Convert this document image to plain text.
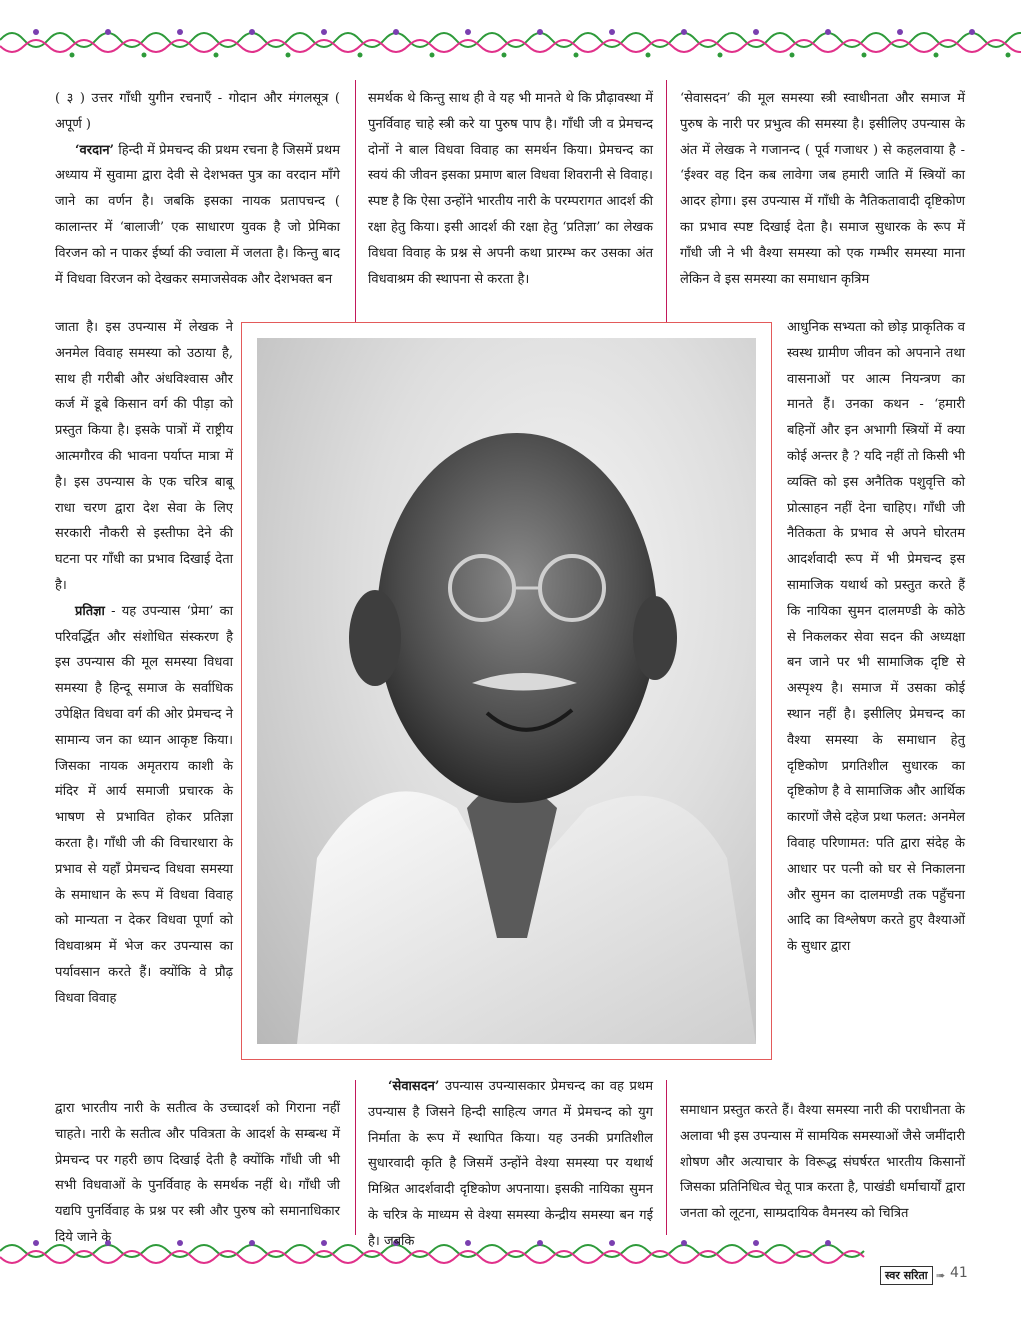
( ३ ) उत्तर गाँधी युगीन रचनाएँ - गोदान और मंगलसूत्र ( अपूर्ण )

‘वरदान’ हिन्दी में प्रेमचन्द की प्रथम रचना है जिसमें प्रथम अध्याय में सुवामा द्वारा देवी से देशभक्त पुत्र का वरदान माँगे जाने का वर्णन है। जबकि इसका नायक प्रतापचन्द ( कालान्तर में ‘बालाजी’ एक साधारण युवक है जो प्रेमिका विरजन को न पाकर ईर्ष्या की ज्वाला में जलता है। किन्तु बाद में विधवा विरजन को देखकर समाजसेवक और देशभक्त बन

जाता है। इस उपन्यास में लेखक ने अनमेल विवाह समस्या को उठाया है, साथ ही गरीबी और अंधविश्वास और कर्ज में डूबे किसान वर्ग की पीड़ा को प्रस्तुत किया है। इसके पात्रों में राष्ट्रीय आत्मगौरव की भावना पर्याप्त मात्रा में है। इस उपन्यास के एक चरित्र बाबू राधा चरण द्वारा देश सेवा के लिए सरकारी नौकरी से इस्तीफा देने की घटना पर गाँधी का प्रभाव दिखाई देता है।

प्रतिज्ञा - यह उपन्यास ‘प्रेमा’ का परिवर्द्धित और संशोधित संस्करण है इस उपन्यास की मूल समस्या विधवा समस्या है हिन्दू समाज के सर्वाधिक उपेक्षित विधवा वर्ग की ओर प्रेमचन्द ने सामान्य जन का ध्यान आकृष्ट किया। जिसका नायक अमृतराय काशी के मंदिर में आर्य समाजी प्रचारक के भाषण से प्रभावित होकर प्रतिज्ञा करता है। गाँधी जी की विचारधारा के प्रभाव से यहाँ प्रेमचन्द विधवा समस्या के समाधान के रूप में विधवा विवाह को मान्यता न देकर विधवा पूर्णा को विधवाश्रम में भेज कर उपन्यास का पर्यावसान करते हैं। क्योंकि वे प्रौढ़ विधवा विवाह

द्वारा भारतीय नारी के सतीत्व के उच्चादर्श को गिराना नहीं चाहते। नारी के सतीत्व और पवित्रता के आदर्श के सम्बन्ध में प्रेमचन्द पर गहरी छाप दिखाई देती है क्योंकि गाँधी जी भी सभी विधवाओं के पुनर्विवाह के समर्थक नहीं थे। गाँधी जी यद्यपि पुनर्विवाह के प्रश्न पर स्त्री और पुरुष को समानाधिकार दिये जाने के

समर्थक थे किन्तु साथ ही वे यह भी मानते थे कि प्रौढ़ावस्था में पुनर्विवाह चाहे स्त्री करे या पुरुष पाप है। गाँधी जी व प्रेमचन्द दोनों ने बाल विधवा विवाह का समर्थन किया। प्रेमचन्द का स्वयं की जीवन इसका प्रमाण बाल विधवा शिवरानी से विवाह। स्पष्ट है कि ऐसा उन्होंने भारतीय नारी के परम्परागत आदर्श की रक्षा हेतु किया। इसी आदर्श की रक्षा हेतु ‘प्रतिज्ञा’ का लेखक विधवा विवाह के प्रश्न से अपनी कथा प्रारम्भ कर उसका अंत विधवाश्रम की स्थापना से करता है।

‘सेवासदन’ उपन्यास उपन्यासकार प्रेमचन्द का वह प्रथम उपन्यास है जिसने हिन्दी साहित्य जगत में प्रेमचन्द को युग निर्माता के रूप में स्थापित किया। यह उनकी प्रगतिशील सुधारवादी कृति है जिसमें उन्होंने वेश्या समस्या पर यथार्थ मिश्रित आदर्शवादी दृष्टिकोण अपनाया। इसकी नायिका सुमन के चरित्र के माध्यम से वेश्या समस्या केन्द्रीय समस्या बन गई है। जबकि

‘सेवासदन’ की मूल समस्या स्त्री स्वाधीनता और समाज में पुरुष के नारी पर प्रभुत्व की समस्या है। इसीलिए उपन्यास के अंत में लेखक ने गजानन्द ( पूर्व गजाधर ) से कहलवाया है - ‘ईश्वर वह दिन कब लावेगा जब हमारी जाति में स्त्रियों का आदर होगा। इस उपन्यास में गाँधी के नैतिकतावादी दृष्टिकोण का प्रभाव स्पष्ट दिखाई देता है। समाज सुधारक के रूप में गाँधी जी ने भी वैश्या समस्या को एक गम्भीर समस्या माना लेकिन वे इस समस्या का समाधान कृत्रिम

आधुनिक सभ्यता को छोड़ प्राकृतिक व स्वस्थ ग्रामीण जीवन को अपनाने तथा वासनाओं पर आत्म नियन्त्रण का मानते हैं। उनका कथन - ‘हमारी बहिनों और इन अभागी स्त्रियों में क्या कोई अन्तर है ? यदि नहीं तो किसी भी व्यक्ति को इस अनैतिक पशुवृत्ति को प्रोत्साहन नहीं देना चाहिए। गाँधी जी नैतिकता के प्रभाव से अपने घोरतम आदर्शवादी रूप में भी प्रेमचन्द इस सामाजिक यथार्थ को प्रस्तुत करते हैं कि नायिका सुमन दालमण्डी के कोठे से निकलकर सेवा सदन की अध्यक्षा बन जाने पर भी सामाजिक दृष्टि से अस्पृश्य है। समाज में उसका कोई स्थान नहीं है। इसीलिए प्रेमचन्द का वैश्या समस्या के समाधान हेतु दृष्टिकोण प्रगतिशील सुधारक का दृष्टिकोण है वे सामाजिक और आर्थिक कारणों जैसे दहेज प्रथा फलत: अनमेल विवाह परिणामत: पति द्वारा संदेह के आधार पर पत्नी को घर से निकालना और सुमन का दालमण्डी तक पहुँचना आदि का विश्लेषण करते हुए वैश्याओं के सुधार द्वारा

समाधान प्रस्तुत करते हैं। वैश्या समस्या नारी की पराधीनता के अलावा भी इस उपन्यास में सामयिक समस्याओं जैसे जमींदारी शोषण और अत्याचार के विरूद्ध संघर्षरत भारतीय किसानों जिसका प्रतिनिधित्व चेतू पात्र करता है, पाखंडी धर्माचार्यों द्वारा जनता को लूटना, साम्प्रदायिक वैमनस्य को चित्रित

स्वर सरिता ➠ 41
